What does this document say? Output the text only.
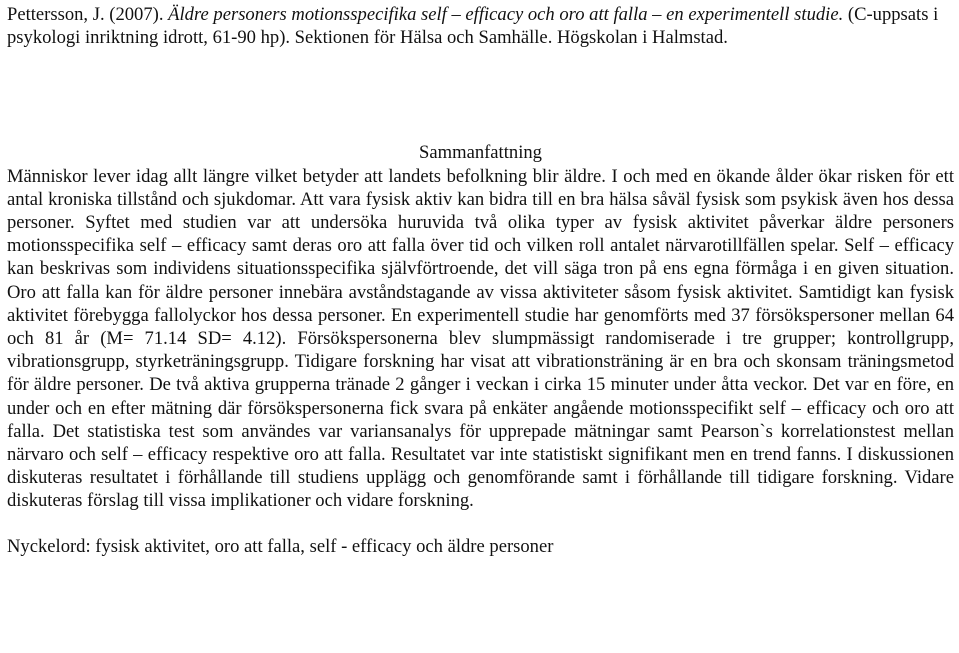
Pettersson, J. (2007). Äldre personers motionsspecifika self – efficacy och oro att falla – en experimentell studie. (C-uppsats i psykologi inriktning idrott, 61-90 hp). Sektionen för Hälsa och Samhälle. Högskolan i Halmstad.

Sammanfattning

Människor lever idag allt längre vilket betyder att landets befolkning blir äldre. I och med en ökande ålder ökar risken för ett antal kroniska tillstånd och sjukdomar. Att vara fysisk aktiv kan bidra till en bra hälsa såväl fysisk som psykisk även hos dessa personer. Syftet med studien var att undersöka huruvida två olika typer av fysisk aktivitet påverkar äldre personers motionsspecifika self – efficacy samt deras oro att falla över tid och vilken roll antalet närvarotillfällen spelar. Self – efficacy kan beskrivas som individens situationsspecifika självförtroende, det vill säga tron på ens egna förmåga i en given situation. Oro att falla kan för äldre personer innebära avståndstagande av vissa aktiviteter såsom fysisk aktivitet. Samtidigt kan fysisk aktivitet förebygga fallolyckor hos dessa personer. En experimentell studie har genomförts med 37 försökspersoner mellan 64 och 81 år (M= 71.14 SD= 4.12). Försökspersonerna blev slumpmässigt randomiserade i tre grupper; kontrollgrupp, vibrationsgrupp, styrketräningsgrupp. Tidigare forskning har visat att vibrationsträning är en bra och skonsam träningsmetod för äldre personer. De två aktiva grupperna tränade 2 gånger i veckan i cirka 15 minuter under åtta veckor. Det var en före, en under och en efter mätning där försökspersonerna fick svara på enkäter angående motionsspecifikt self – efficacy och oro att falla. Det statistiska test som användes var variansanalys för upprepade mätningar samt Pearson`s korrelationstest mellan närvaro och self – efficacy respektive oro att falla. Resultatet var inte statistiskt signifikant men en trend fanns. I diskussionen diskuteras resultatet i förhållande till studiens upplägg och genomförande samt i förhållande till tidigare forskning. Vidare diskuteras förslag till vissa implikationer och vidare forskning.

Nyckelord: fysisk aktivitet, oro att falla, self - efficacy och äldre personer
